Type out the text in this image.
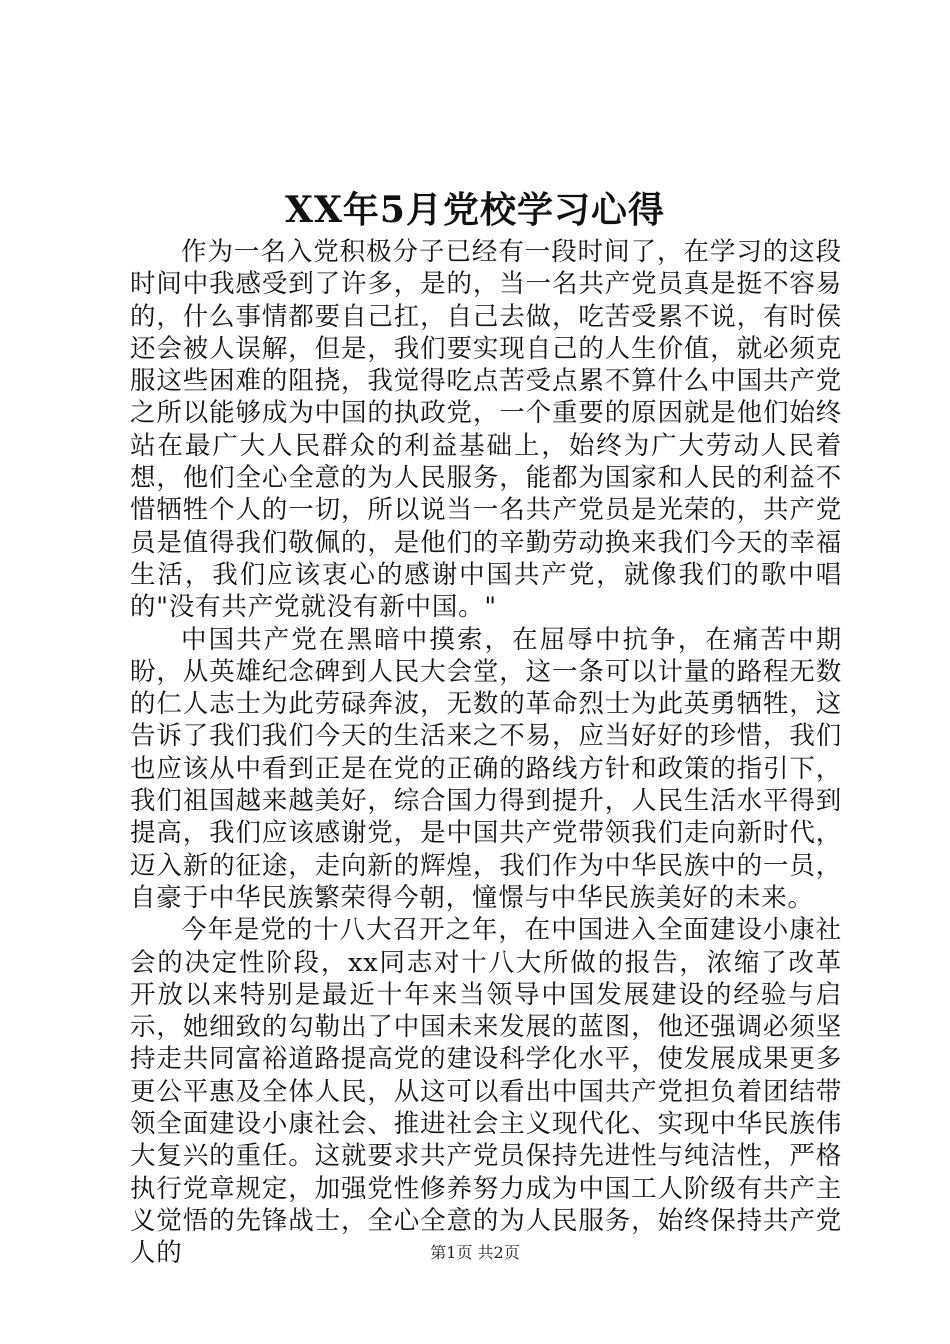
XX年5月党校学习心得

作为一名入党积极分子已经有一段时间了，在学习的这段时间中我感受到了许多，是的，当一名共产党员真是挺不容易的，什么事情都要自己扛，自己去做，吃苦受累不说，有时侯还会被人误解，但是，我们要实现自己的人生价值，就必须克服这些困难的阻挠，我觉得吃点苦受点累不算什么中国共产党之所以能够成为中国的执政党，一个重要的原因就是他们始终站在最广大人民群众的利益基础上，始终为广大劳动人民着想，他们全心全意的为人民服务，能都为国家和人民的利益不惜牺牲个人的一切，所以说当一名共产党员是光荣的，共产党员是值得我们敬佩的，是他们的辛勤劳动换来我们今天的幸福生活，我们应该衷心的感谢中国共产党，就像我们的歌中唱的"没有共产党就没有新中国。"

中国共产党在黑暗中摸索，在屈辱中抗争，在痛苦中期盼，从英雄纪念碑到人民大会堂，这一条可以计量的路程无数的仁人志士为此劳碌奔波，无数的革命烈士为此英勇牺牲，这告诉了我们我们今天的生活来之不易，应当好好的珍惜，我们也应该从中看到正是在党的正确的路线方针和政策的指引下，我们祖国越来越美好，综合国力得到提升，人民生活水平得到提高，我们应该感谢党，是中国共产党带领我们走向新时代，迈入新的征途，走向新的辉煌，我们作为中华民族中的一员，自豪于中华民族繁荣得今朝，憧憬与中华民族美好的未来。

今年是党的十八大召开之年，在中国进入全面建设小康社会的决定性阶段，xx同志对十八大所做的报告，浓缩了改革开放以来特别是最近十年来当领导中国发展建设的经验与启示，她细致的勾勒出了中国未来发展的蓝图，他还强调必须坚持走共同富裕道路提高党的建设科学化水平，使发展成果更多更公平惠及全体人民，从这可以看出中国共产党担负着团结带领全面建设小康社会、推进社会主义现代化、实现中华民族伟大复兴的重任。这就要求共产党员保持先进性与纯洁性，严格执行党章规定，加强党性修养努力成为中国工人阶级有共产主义觉悟的先锋战士，全心全意的为人民服务，始终保持共产党人的	第1页 共2页
